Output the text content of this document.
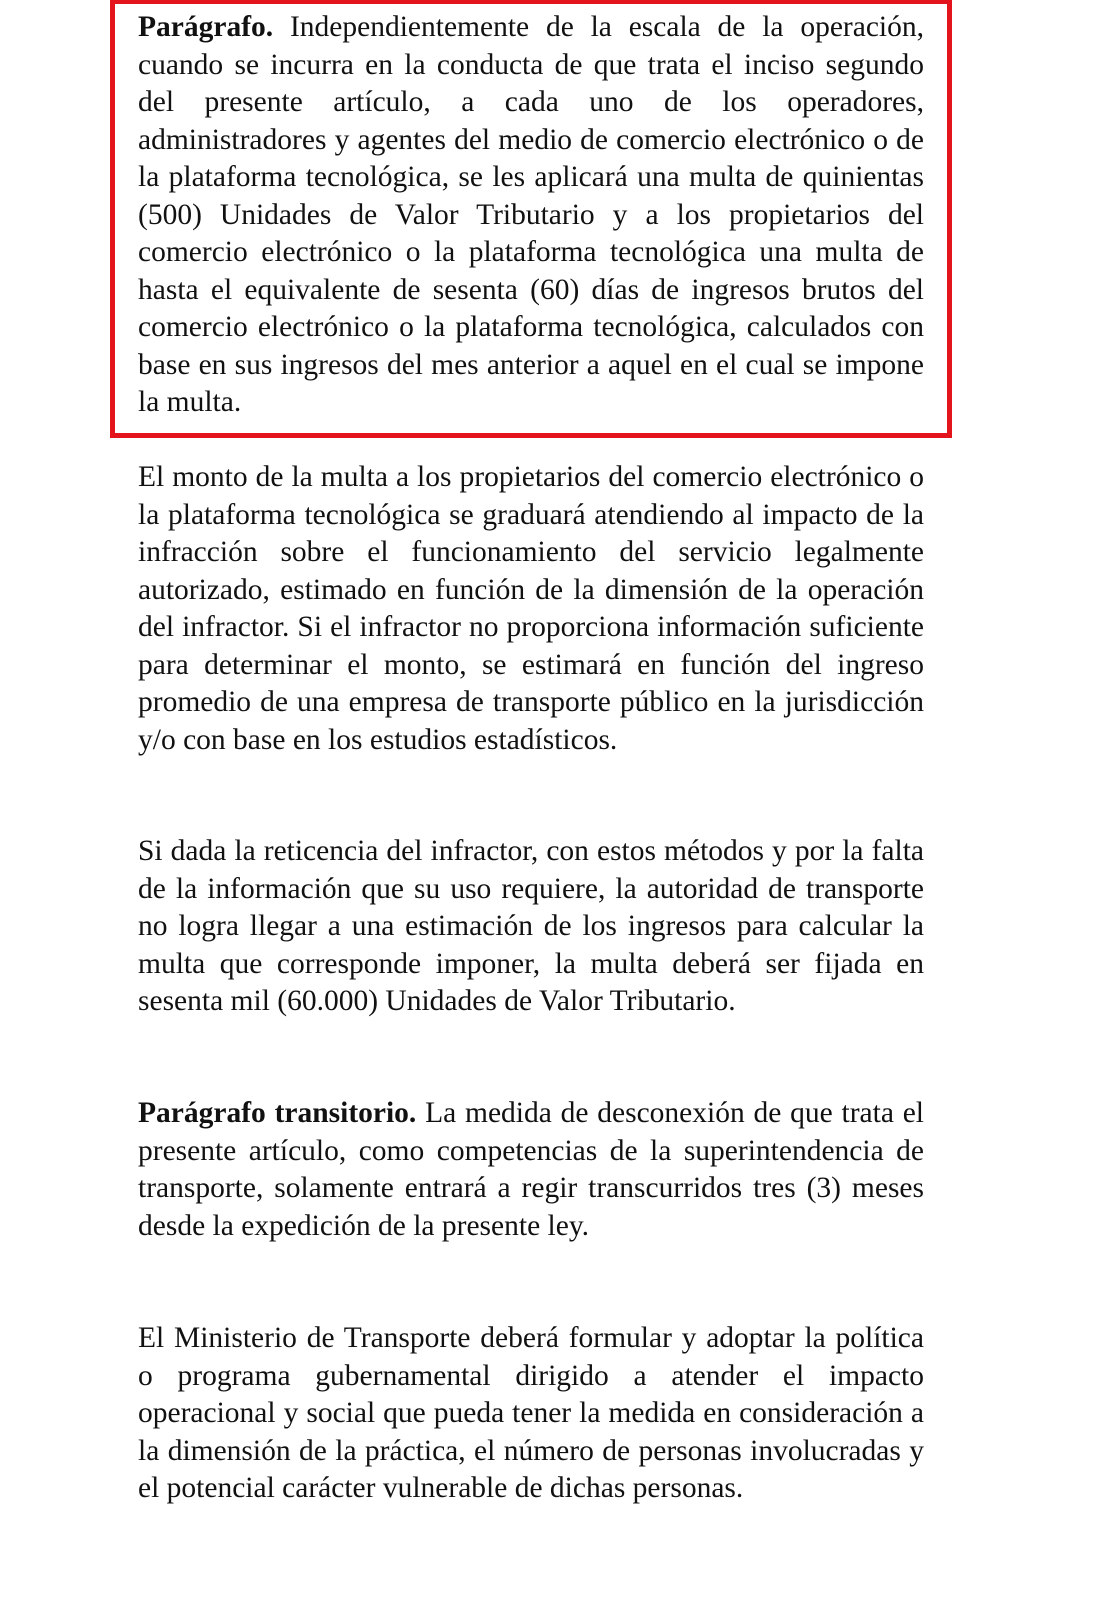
Parágrafo. Independientemente de la escala de la operación, cuando se incurra en la conducta de que trata el inciso segundo del presente artículo, a cada uno de los operadores, administradores y agentes del medio de comercio electrónico o de la plataforma tecnológica, se les aplicará una multa de quinientas (500) Unidades de Valor Tributario y a los propietarios del comercio electrónico o la plataforma tecnológica una multa de hasta el equivalente de sesenta (60) días de ingresos brutos del comercio electrónico o la plataforma tecnológica, calculados con base en sus ingresos del mes anterior a aquel en el cual se impone la multa.

El monto de la multa a los propietarios del comercio electrónico o la plataforma tecnológica se graduará atendiendo al impacto de la infracción sobre el funcionamiento del servicio legalmente autorizado, estimado en función de la dimensión de la operación del infractor. Si el infractor no proporciona información suficiente para determinar el monto, se estimará en función del ingreso promedio de una empresa de transporte público en la jurisdicción y/o con base en los estudios estadísticos.

Si dada la reticencia del infractor, con estos métodos y por la falta de la información que su uso requiere, la autoridad de transporte no logra llegar a una estimación de los ingresos para calcular la multa que corresponde imponer, la multa deberá ser fijada en sesenta mil (60.000) Unidades de Valor Tributario.

Parágrafo transitorio. La medida de desconexión de que trata el presente artículo, como competencias de la superintendencia de transporte, solamente entrará a regir transcurridos tres (3) meses desde la expedición de la presente ley.

El Ministerio de Transporte deberá formular y adoptar la política o programa gubernamental dirigido a atender el impacto operacional y social que pueda tener la medida en consideración a la dimensión de la práctica, el número de personas involucradas y el potencial carácter vulnerable de dichas personas.
